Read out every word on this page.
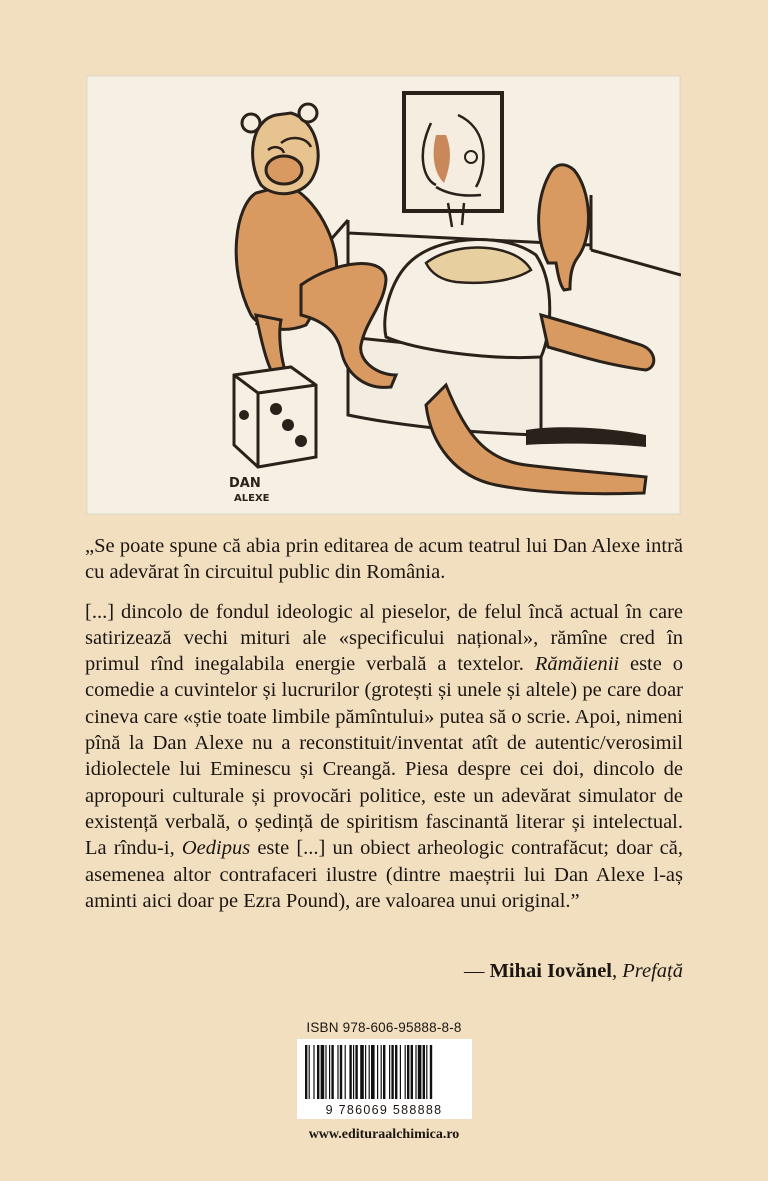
DAN
ALEXE

„Se poate spune că abia prin editarea de acum teatrul lui Dan Alexe intră cu adevărat în circuitul public din România.

[...] dincolo de fondul ideologic al pieselor, de felul încă actual în care satirizează vechi mituri ale «specificului național», rămîne cred în primul rînd inegalabila energie verbală a textelor. Rămăienii este o comedie a cuvintelor și lucrurilor (grotești și unele și altele) pe care doar cineva care «știe toate limbile pămîntului» putea să o scrie. Apoi, nimeni pînă la Dan Alexe nu a reconstituit/inventat atît de autentic/verosimil idiolectele lui Eminescu și Creangă. Piesa despre cei doi, dincolo de apropouri culturale și provocări politice, este un adevărat simulator de existență verbală, o ședință de spiritism fascinantă literar și intelectual. La rîndu-i, Oedipus este [...] un obiect arheologic contrafăcut; doar că, asemenea altor contrafaceri ilustre (dintre maeștrii lui Dan Alexe l-aș aminti aici doar pe Ezra Pound), are valoarea unui original.”

— Mihai Iovănel, Prefață
ISBN 978-606-95888-8-8
9 786069 588888
www.edituraalchimica.ro
